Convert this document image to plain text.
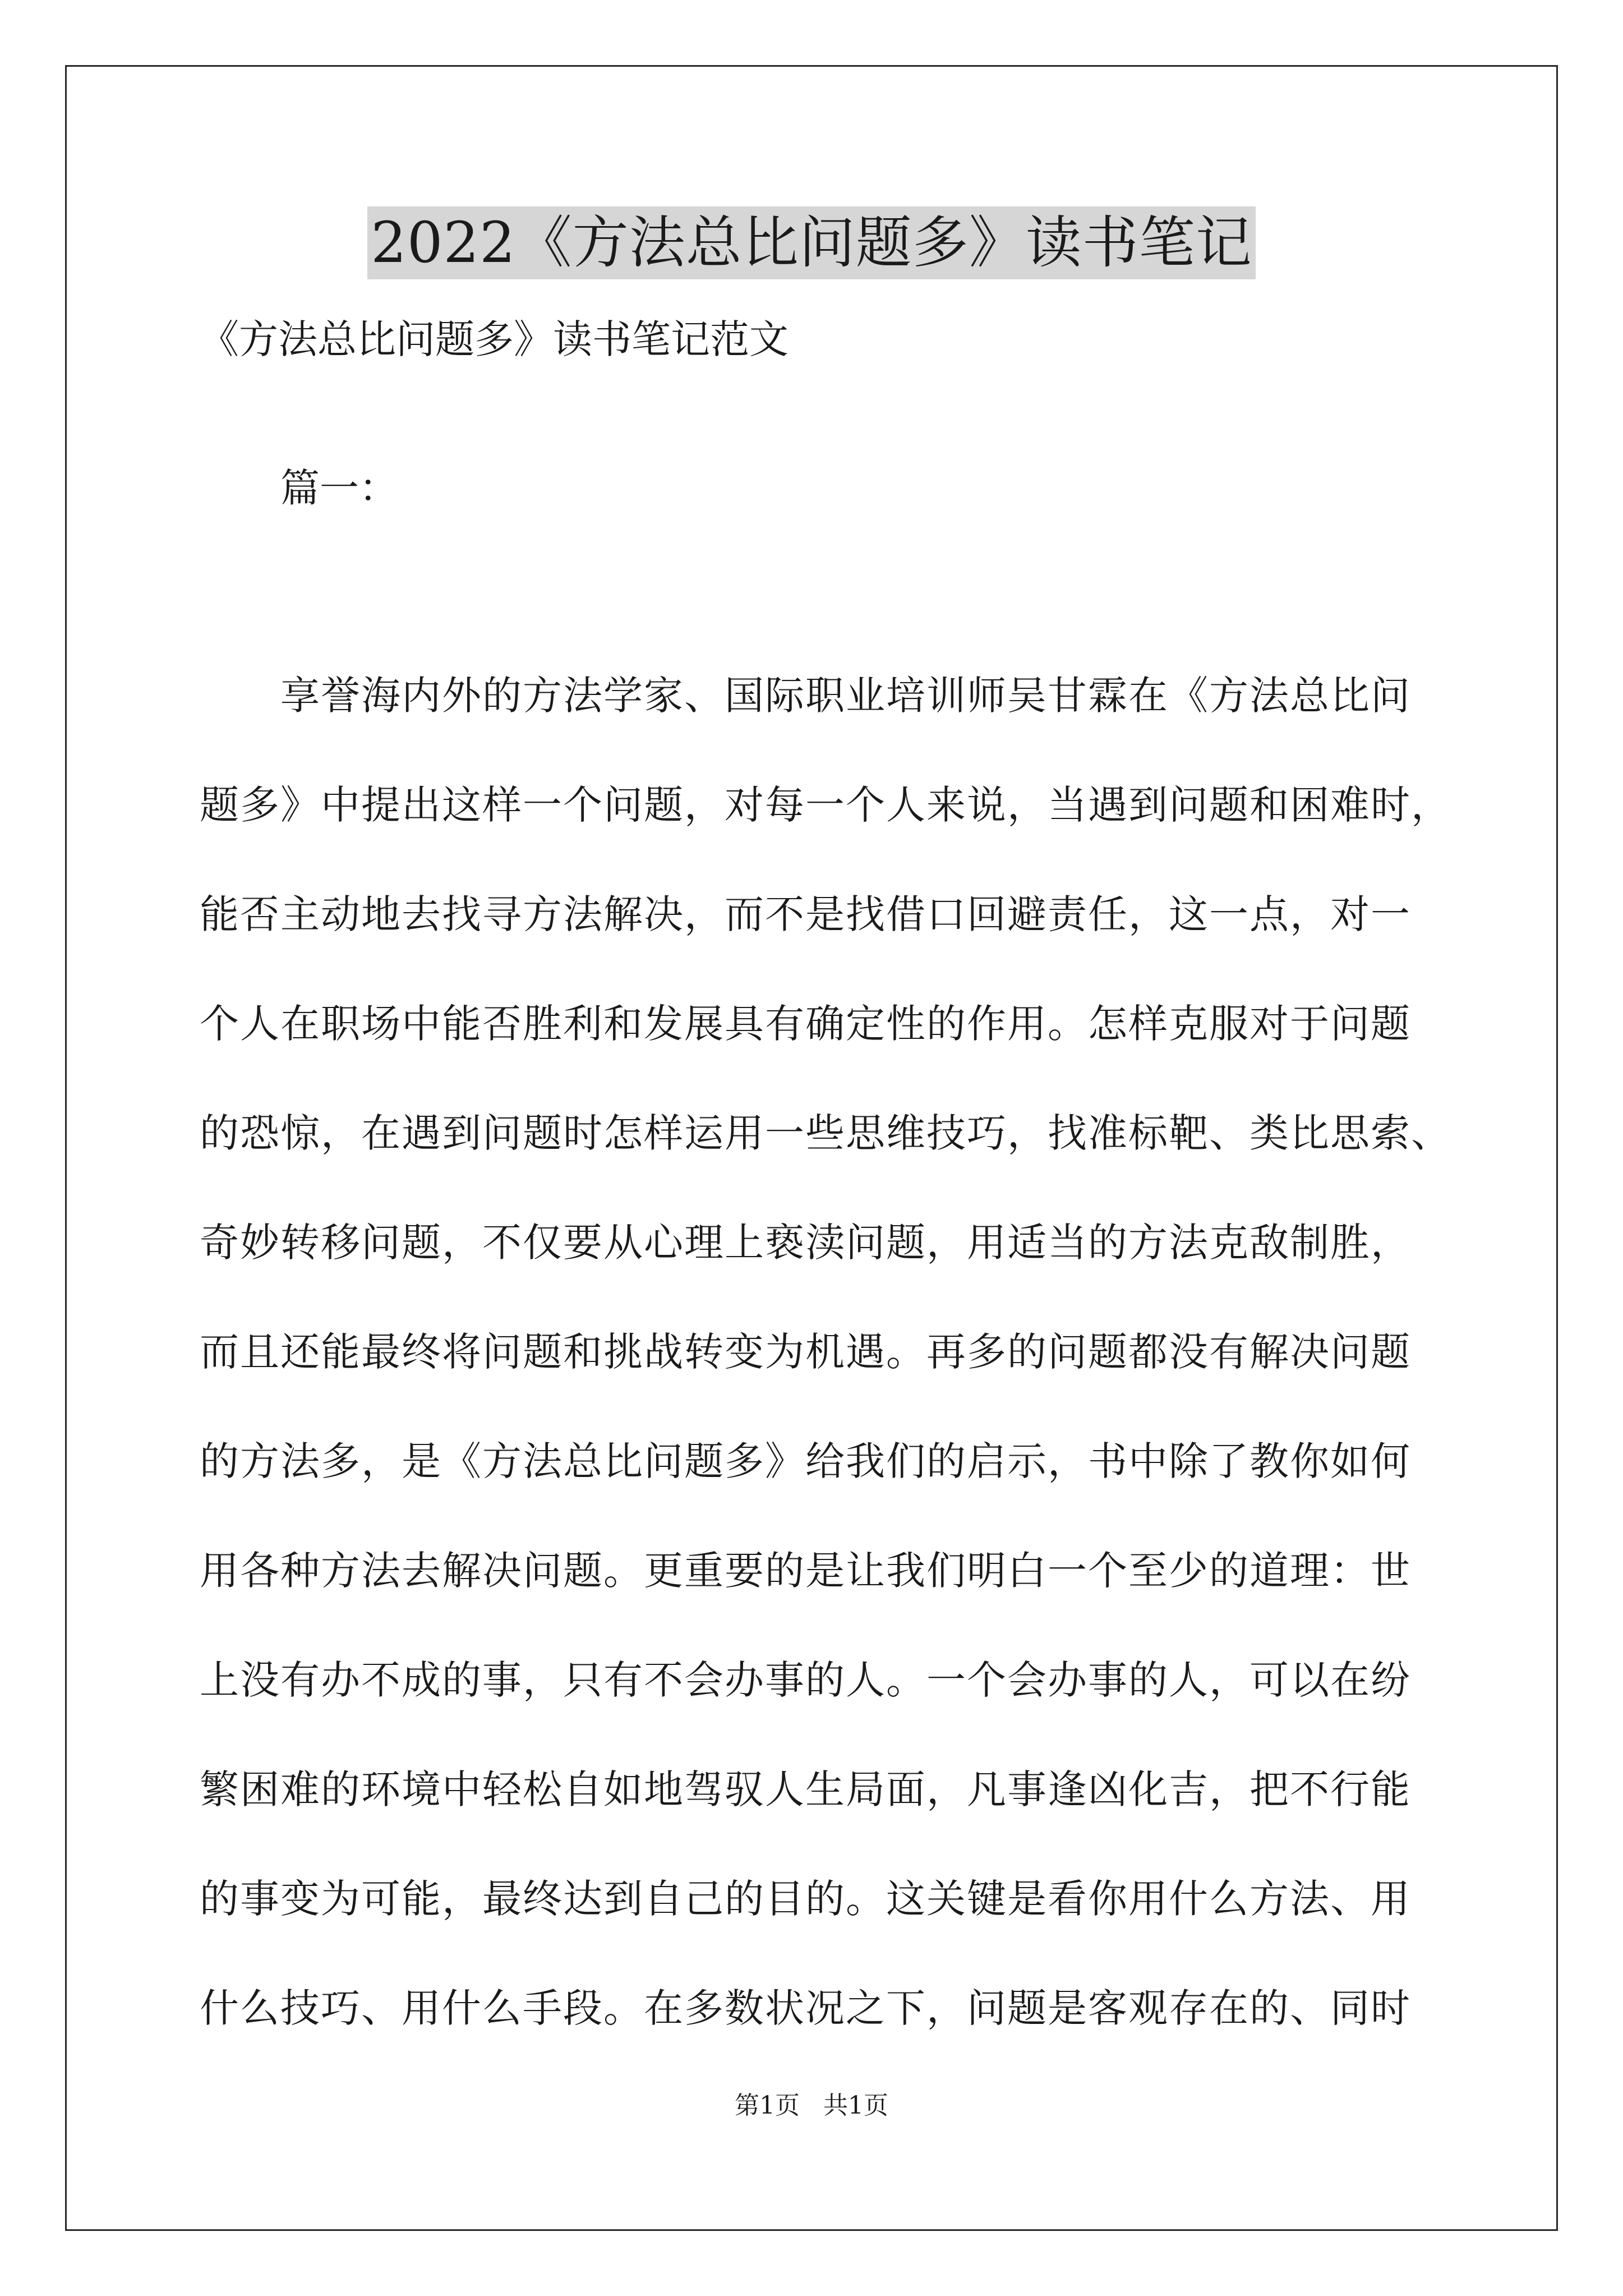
2022《方法总比问题多》读书笔记

《方法总比问题多》读书笔记范文

篇一：

享誉海内外的方法学家、国际职业培训师吴甘霖在《方法总比问
题多》中提出这样一个问题，对每一个人来说，当遇到问题和困难时，
能否主动地去找寻方法解决，而不是找借口回避责任，这一点，对一
个人在职场中能否胜利和发展具有确定性的作用。怎样克服对于问题
的恐惊，在遇到问题时怎样运用一些思维技巧，找准标靶、类比思索、
奇妙转移问题，不仅要从心理上亵渎问题，用适当的方法克敌制胜，
而且还能最终将问题和挑战转变为机遇。再多的问题都没有解决问题
的方法多，是《方法总比问题多》给我们的启示，书中除了教你如何
用各种方法去解决问题。更重要的是让我们明白一个至少的道理：世
上没有办不成的事，只有不会办事的人。一个会办事的人，可以在纷
繁困难的环境中轻松自如地驾驭人生局面，凡事逢凶化吉，把不行能
的事变为可能，最终达到自己的目的。这关键是看你用什么方法、用
什么技巧、用什么手段。在多数状况之下，问题是客观存在的、同时
第1页   共1页
